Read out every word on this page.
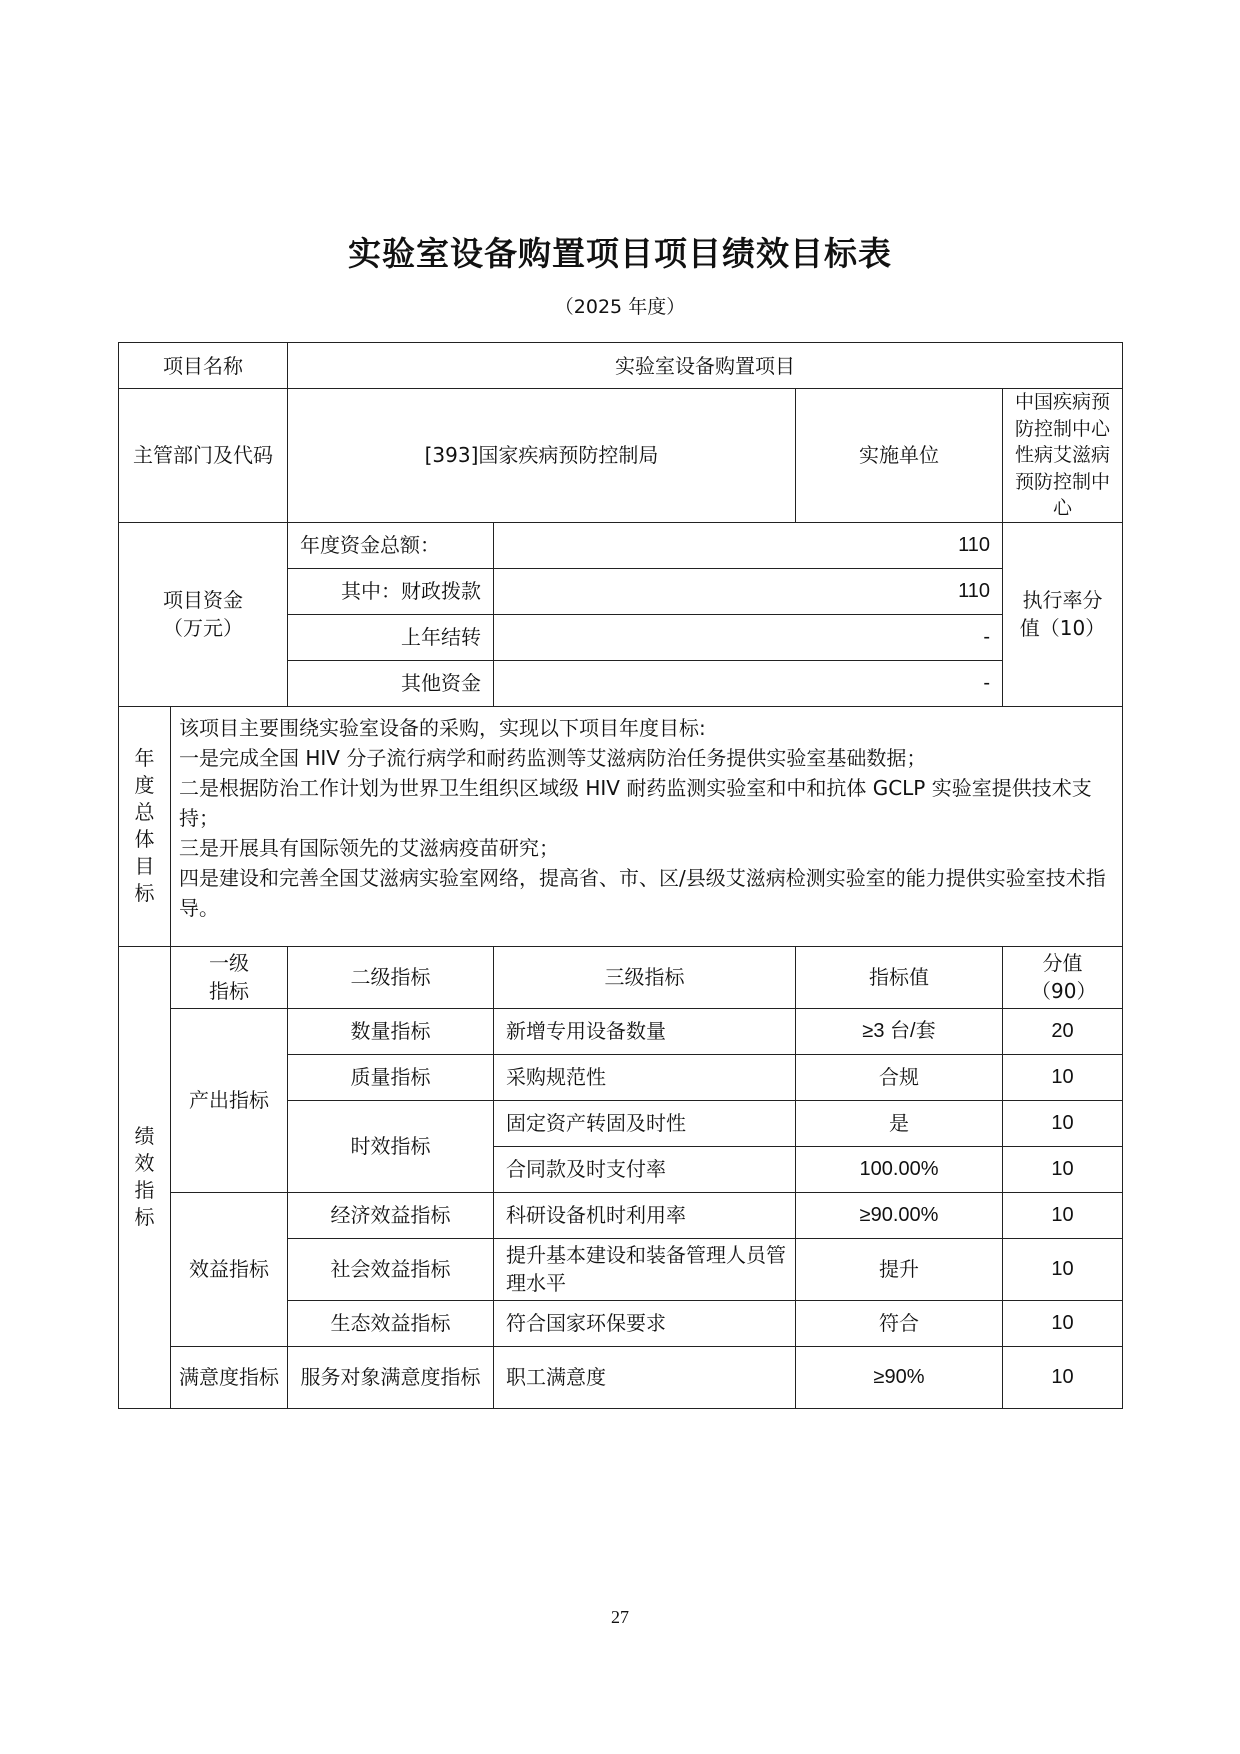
实验室设备购置项目项目绩效目标表
（2025 年度）
项目名称		实验室设备购置项目			
主管部门及代码		[393]国家疾病预防控制局		实施单位	中国疾病预防控制中心性病艾滋病预防控制中心
项目资金（万元）		年度资金总额：	110		执行率分值（10）
		其中：财政拨款	110		
		上年结转	-		
		其他资金	-		
年度总体目标	该项目主要围绕实验室设备的采购，实现以下项目年度目标:
一是完成全国 HIV 分子流行病学和耐药监测等艾滋病防治任务提供实验室基础数据；
二是根据防治工作计划为世界卫生组织区域级 HIV 耐药监测实验室和中和抗体 GCLP 实验室提供技术支持；
三是开展具有国际领先的艾滋病疫苗研究；
四是建设和完善全国艾滋病实验室网络，提高省、市、区/县级艾滋病检测实验室的能力提供实验室技术指导。				

绩效指标	一级指标	二级指标	三级指标	指标值	分值（90）
	产出指标	数量指标	新增专用设备数量	≥3 台/套	20
		质量指标	采购规范性	合规	10
		时效指标	固定资产转固及时性	是	10
			合同款及时支付率	100.00%	10
	效益指标	经济效益指标	科研设备机时利用率	≥90.00%	10
		社会效益指标	提升基本建设和装备管理人员管理水平	提升	10
		生态效益指标	符合国家环保要求	符合	10
	满意度指标	服务对象满意度指标	职工满意度	≥90%	10
27
